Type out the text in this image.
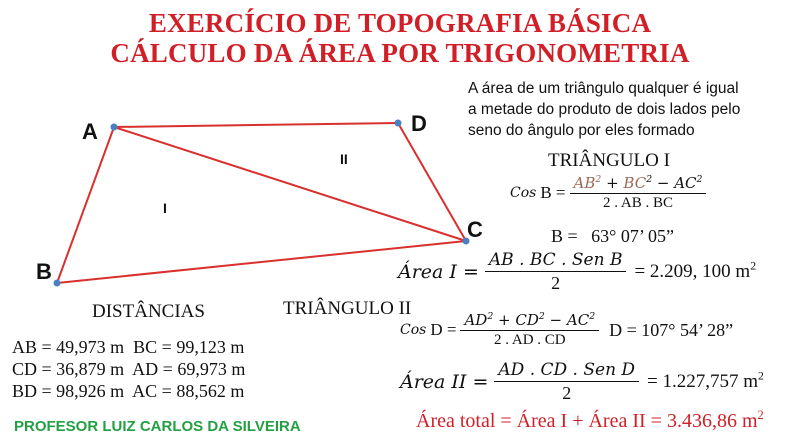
EXERCÍCIO DE TOPOGRAFIA BÁSICA
CÁLCULO DA ÁREA POR TRIGONOMETRIA
A área de um triângulo qualquer é igual
a metade do produto de dois lados pelo
seno do ângulo por eles formado
A	D
C
B
I
II
DISTÂNCIAS
AB = 49,973 m  BC = 99,123 m
CD = 36,879 m  AD = 69,973 m
BD = 98,926 m  AC = 88,562 m
TRIÂNGULO I
Cos $B = \frac{AB^2 + BC^2 - AC^2}{2 . AB . BC}$
B =   63° 07’ 05”
Área $I = \frac{\text{AB . BC . Sen B}}{2} = 2.209$, 100 $m^2$
TRIÂNGULO II
Cos $D = \frac{AD^2 + CD^2 - AC^2}{2 . AD . CD}$ D = 107° 54’ 28”
Área II = $\frac{\text{AD . CD . Sen D}}{2} = 1.227,757$ $m^2$
Área total = Área I + Área II = 3.436,86 $m^2$
PROFESOR LUIZ CARLOS DA SILVEIRA
